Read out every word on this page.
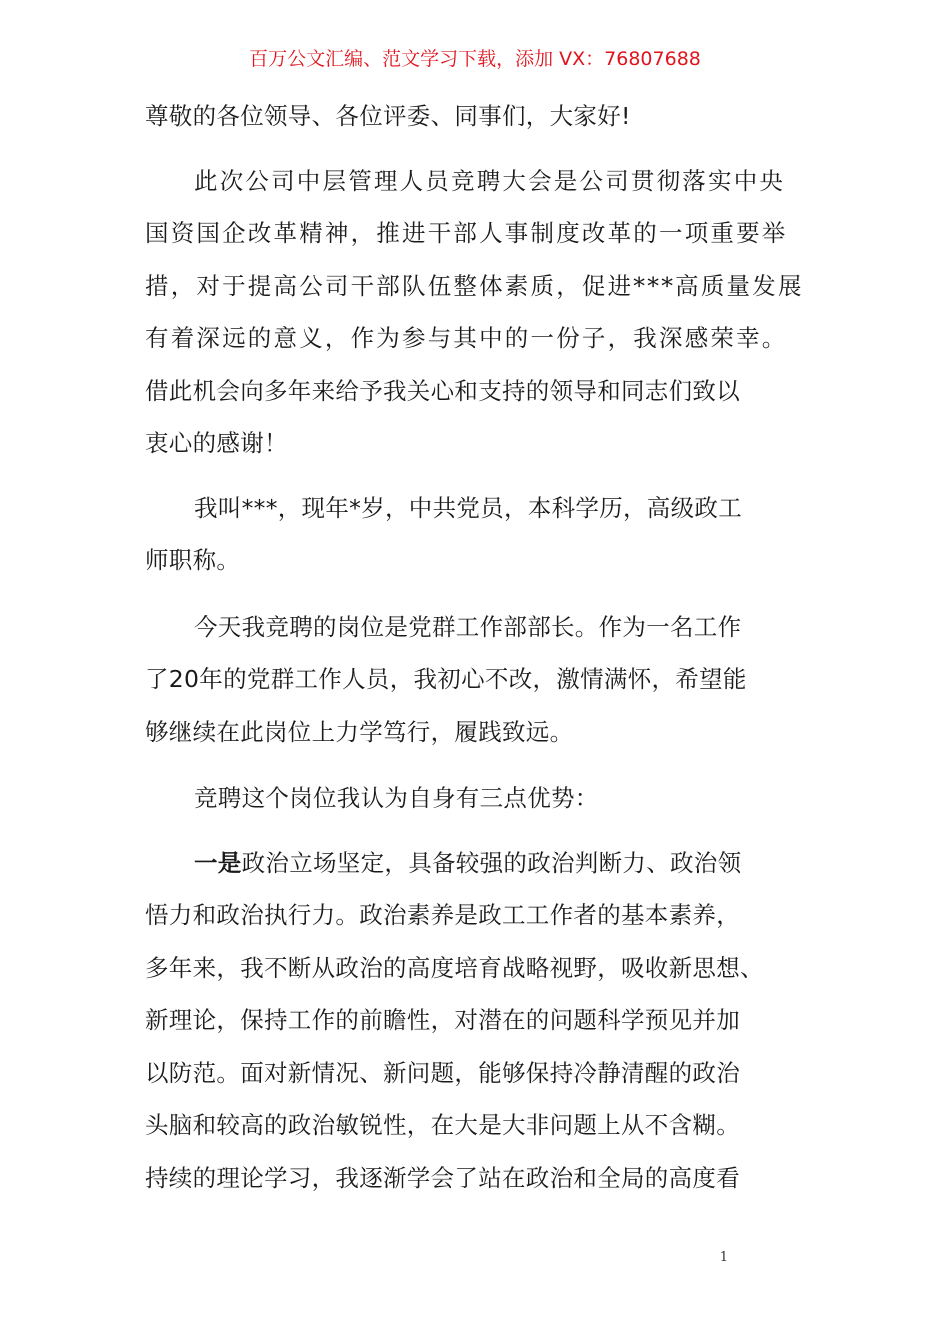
百万公文汇编、范文学习下载，添加 VX：76807688

尊敬的各位领导、各位评委、同事们，大家好!

此次公司中层管理人员竞聘大会是公司贯彻落实中央

国资国企改革精神，推进干部人事制度改革的一项重要举

措，对于提高公司干部队伍整体素质，促进***高质量发展

有着深远的意义，作为参与其中的一份子，我深感荣幸。

借此机会向多年来给予我关心和支持的领导和同志们致以

衷心的感谢！

我叫***，现年*岁，中共党员，本科学历，高级政工

师职称。

今天我竞聘的岗位是党群工作部部长。作为一名工作

了20年的党群工作人员，我初心不改，激情满怀，希望能

够继续在此岗位上力学笃行，履践致远。

竞聘这个岗位我认为自身有三点优势：

一是政治立场坚定，具备较强的政治判断力、政治领

悟力和政治执行力。政治素养是政工工作者的基本素养，

多年来，我不断从政治的高度培育战略视野，吸收新思想、

新理论，保持工作的前瞻性，对潜在的问题科学预见并加

以防范。面对新情况、新问题，能够保持冷静清醒的政治

头脑和较高的政治敏锐性，在大是大非问题上从不含糊。

持续的理论学习，我逐渐学会了站在政治和全局的高度看

1
